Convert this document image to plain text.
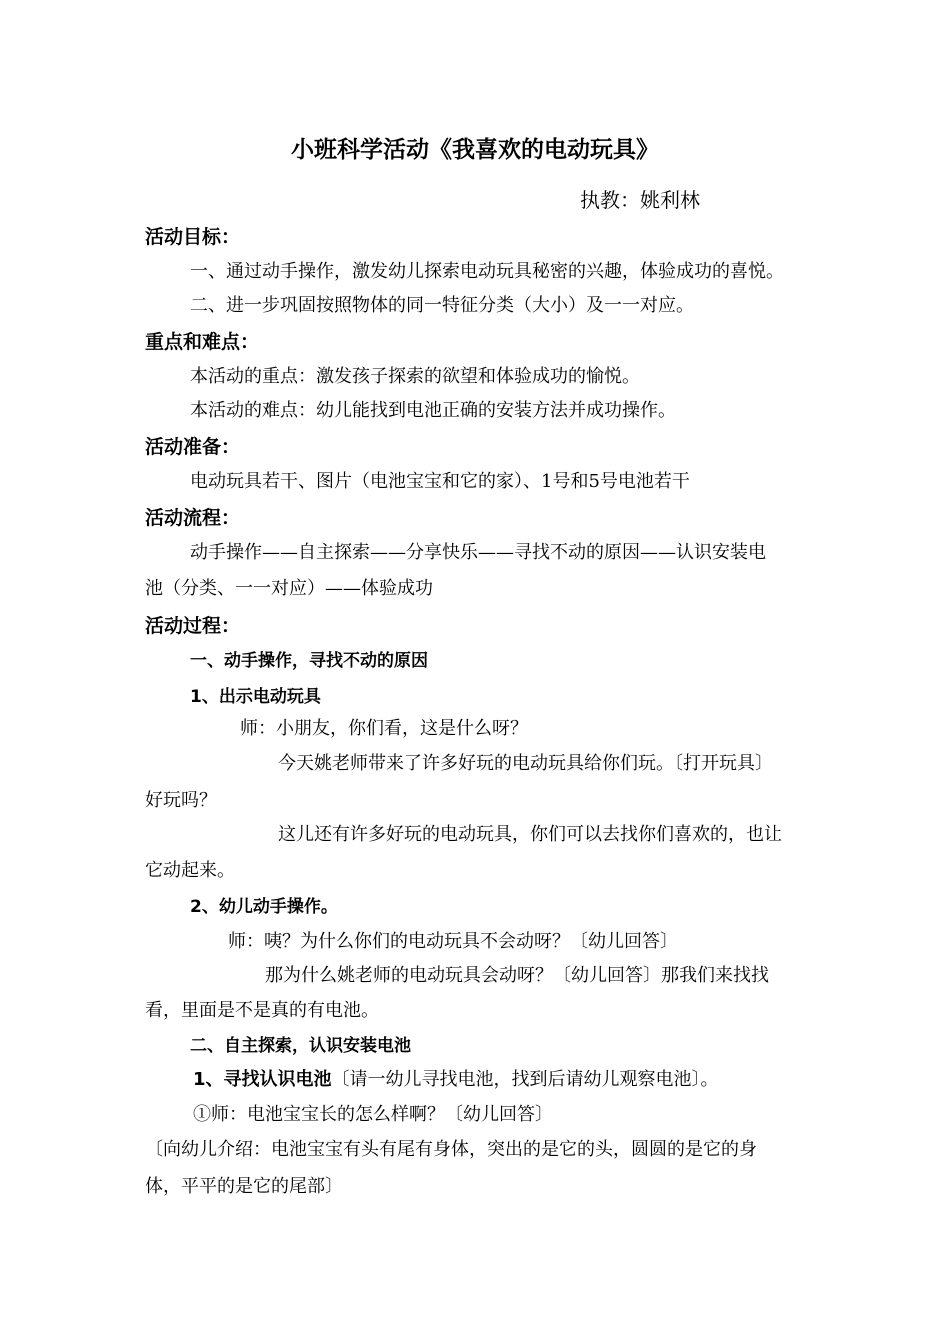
小班科学活动《我喜欢的电动玩具》
执教：姚利林
活动目标：
一、通过动手操作，激发幼儿探索电动玩具秘密的兴趣，体验成功的喜悦。
二、进一步巩固按照物体的同一特征分类（大小）及一一对应。
重点和难点：
本活动的重点：激发孩子探索的欲望和体验成功的愉悦。
本活动的难点：幼儿能找到电池正确的安装方法并成功操作。
活动准备：
电动玩具若干、图片（电池宝宝和它的家）、1号和5号电池若干
活动流程：
动手操作——自主探索——分享快乐——寻找不动的原因——认识安装电
池（分类、一一对应）——体验成功
活动过程：
一、动手操作，寻找不动的原因
1、出示电动玩具
师：小朋友，你们看，这是什么呀？
今天姚老师带来了许多好玩的电动玩具给你们玩。〔打开玩具〕
好玩吗？
这儿还有许多好玩的电动玩具，你们可以去找你们喜欢的，也让
它动起来。
2、幼儿动手操作。
师：咦？为什么你们的电动玩具不会动呀？〔幼儿回答〕
那为什么姚老师的电动玩具会动呀？〔幼儿回答〕那我们来找找
看，里面是不是真的有电池。
二、自主探索，认识安装电池
1、寻找认识电池〔请一幼儿寻找电池，找到后请幼儿观察电池〕。
①师：电池宝宝长的怎么样啊？〔幼儿回答〕
〔向幼儿介绍：电池宝宝有头有尾有身体，突出的是它的头，圆圆的是它的身
体，平平的是它的尾部〕
